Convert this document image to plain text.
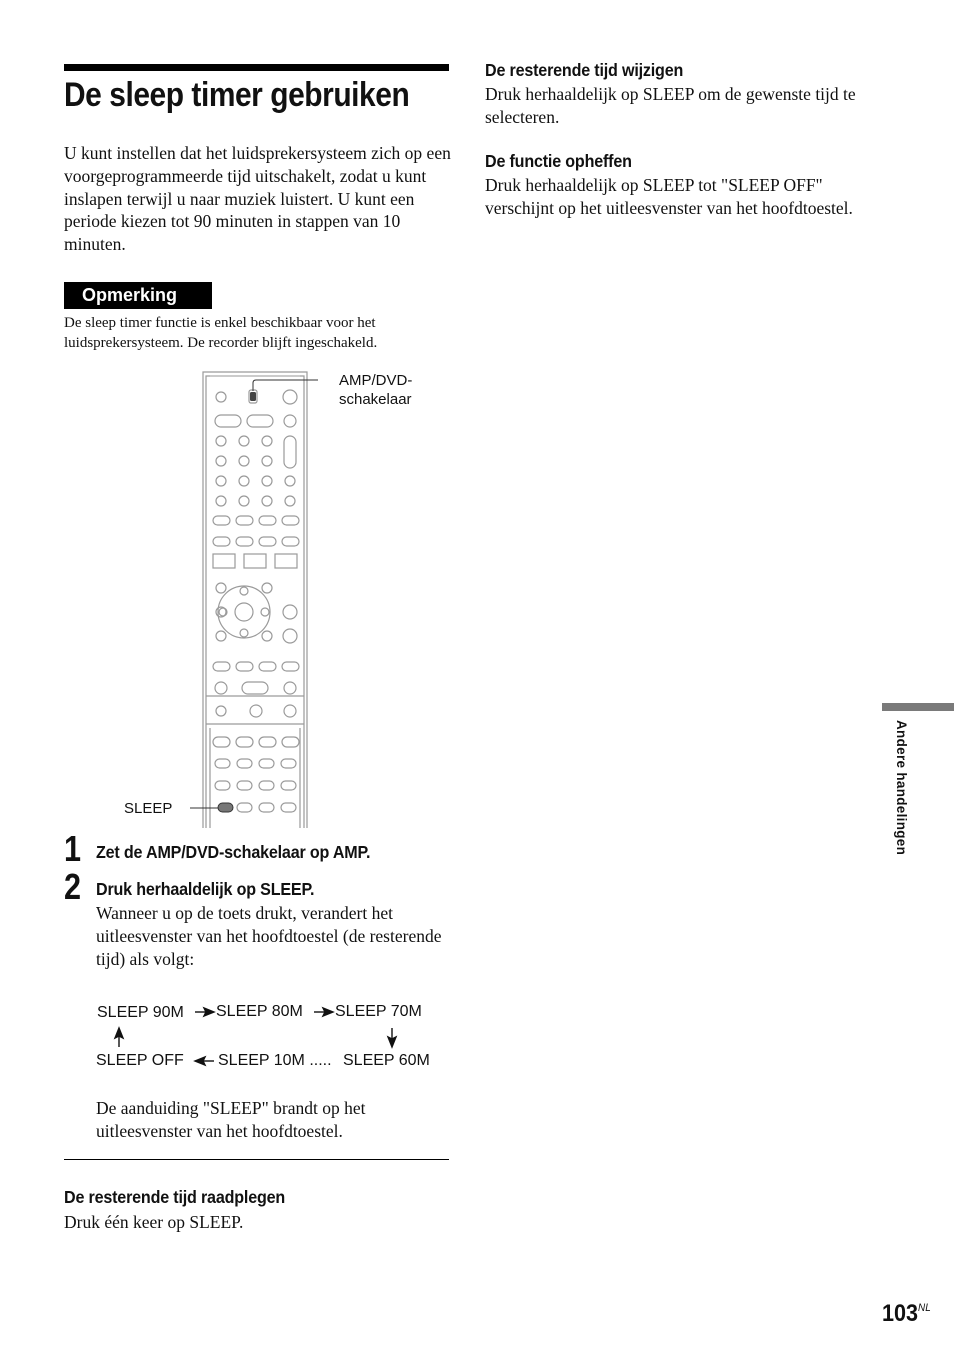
De sleep timer gebruiken

U kunt instellen dat het luidsprekersysteem zich op een voorgeprogrammeerde tijd uitschakelt, zodat u kunt inslapen terwijl u naar muziek luistert. U kunt een periode kiezen tot 90 minuten in stappen van 10 minuten.

Opmerking

De sleep timer functie is enkel beschikbaar voor het luidsprekersysteem. De recorder blijft ingeschakeld.

AMP/DVD-
schakelaar
SLEEP
1 Zet de AMP/DVD-schakelaar op AMP.
2 Druk herhaaldelijk op SLEEP.

Wanneer u op de toets drukt, verandert het uitleesvenster van het hoofdtoestel (de resterende tijd) als volgt:

SLEEP 90M SLEEP 80M SLEEP 70M
SLEEP OFF SLEEP 10M ..... SLEEP 60M

De aanduiding "SLEEP" brandt op het uitleesvenster van het hoofdtoestel.

De resterende tijd raadplegen

Druk één keer op SLEEP.

De resterende tijd wijzigen

Druk herhaaldelijk op SLEEP om de gewenste tijd te selecteren.

De functie opheffen

Druk herhaaldelijk op SLEEP tot "SLEEP OFF" verschijnt op het uitleesvenster van het hoofdtoestel.

Andere handelingen
$103^{NL}$
